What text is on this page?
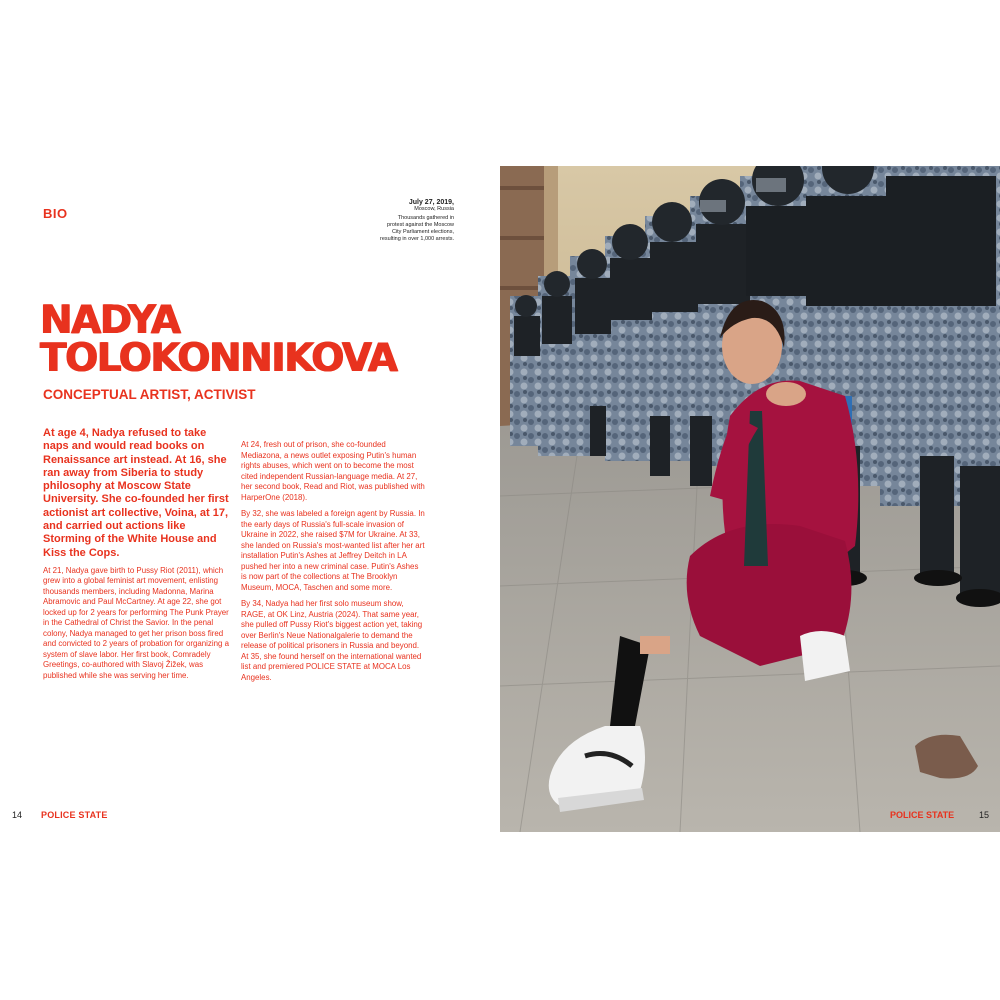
BIO
July 27, 2019,
Moscow, Russia
Thousands gathered in protest against the Moscow City Parliament elections, resulting in over 1,000 arrests.
NADYA
TOLOKONNIKOVA
CONCEPTUAL ARTIST, ACTIVIST

At age 4, Nadya refused to take naps and would read books on Renaissance art instead. At 16, she ran away from Siberia to study philosophy at Moscow State University. She co-founded her first actionist art collective, Voina, at 17, and carried out actions like Storming of the White House and Kiss the Cops.

At 21, Nadya gave birth to Pussy Riot (2011), which grew into a global feminist art movement, enlisting thousands members, including Madonna, Marina Abramovic and Paul McCartney. At age 22, she got locked up for 2 years for performing The Punk Prayer in the Cathedral of Christ the Savior. In the penal colony, Nadya managed to get her prison boss fired and convicted to 2 years of probation for organizing a system of slave labor. Her first book, Comradely Greetings, co-authored with Slavoj Žižek, was published while she was serving her time.

At 24, fresh out of prison, she co-founded Mediazona, a news outlet exposing Putin's human rights abuses, which went on to become the most cited independent Russian-language media. At 27, her second book, Read and Riot, was published with HarperOne (2018).

By 32, she was labeled a foreign agent by Russia. In the early days of Russia's full-scale invasion of Ukraine in 2022, she raised $7M for Ukraine. At 33, she landed on Russia's most-wanted list after her art installation Putin's Ashes at Jeffrey Deitch in LA pushed her into a new criminal case. Putin's Ashes is now part of the collections at The Brooklyn Museum, MOCA, Taschen and some more.

By 34, Nadya had her first solo museum show, RAGE, at OK Linz, Austria (2024). That same year, she pulled off Pussy Riot's biggest action yet, taking over Berlin's Neue Nationalgalerie to demand the release of political prisoners in Russia and beyond. At 35, she found herself on the international wanted list and premiered POLICE STATE at MOCA Los Angeles.

14 POLICE STATE	POLICE STATE	15
